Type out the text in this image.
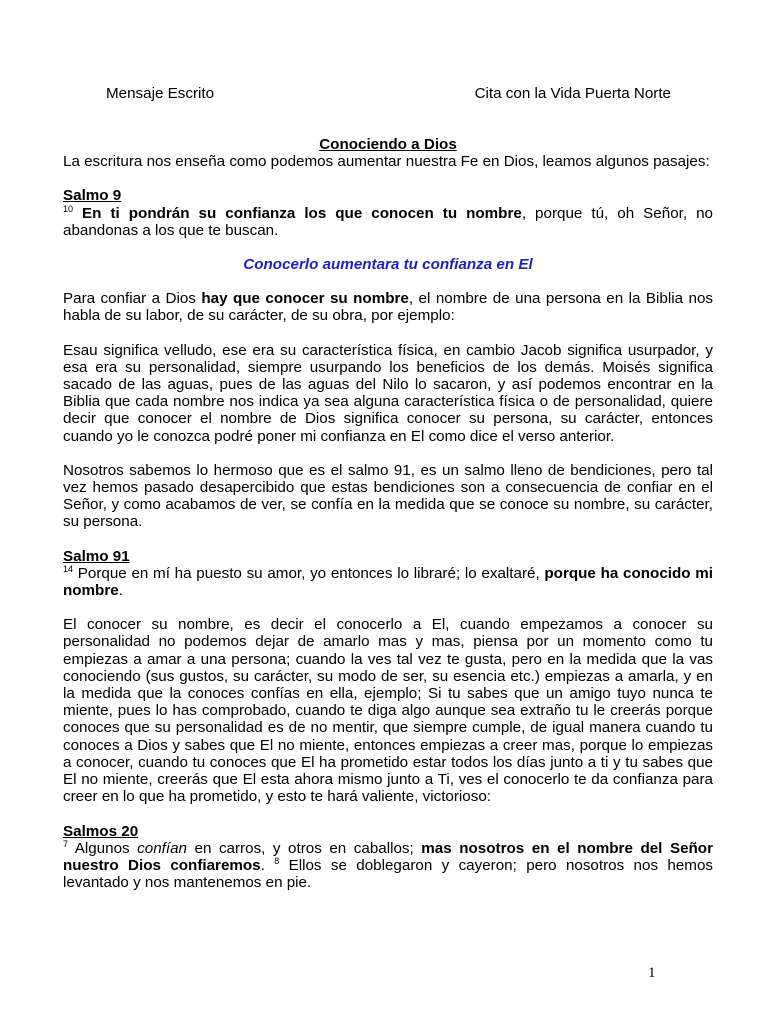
Mensaje Escrito	Cita con la Vida Puerta Norte

Conociendo a Dios

La escritura nos enseña como podemos aumentar nuestra Fe en Dios, leamos algunos pasajes:

Salmo 9

$^{10}$ En ti pondrán su confianza los que conocen tu nombre, porque tú, oh Señor, no abandonas a los que te buscan.

Conocerlo aumentara tu confianza en El

Para confiar a Dios hay que conocer su nombre, el nombre de una persona en la Biblia nos habla de su labor, de su carácter, de su obra, por ejemplo:

Esau significa velludo, ese era su característica física, en cambio Jacob significa usurpador, y esa era su personalidad, siempre usurpando los beneficios de los demás. Moisés significa sacado de las aguas, pues de las aguas del Nilo lo sacaron, y así podemos encontrar en la Biblia que cada nombre nos indica ya sea alguna característica física o de personalidad, quiere decir que conocer el nombre de Dios significa conocer su persona, su carácter, entonces cuando yo le conozca podré poner mi confianza en El como dice el verso anterior.

Nosotros sabemos lo hermoso que es el salmo 91, es un salmo lleno de bendiciones, pero tal vez hemos pasado desapercibido que estas bendiciones son a consecuencia de confiar en el Señor, y como acabamos de ver, se confía en la medida que se conoce su nombre, su carácter, su persona.

Salmo 91

$^{14}$ Porque en mí ha puesto su amor, yo entonces lo libraré; lo exaltaré, porque ha conocido mi nombre.

El conocer su nombre, es decir el conocerlo a El, cuando empezamos a conocer su personalidad no podemos dejar de amarlo mas y mas, piensa por un momento como tu empiezas a amar a una persona; cuando la ves tal vez te gusta, pero en la medida que la vas conociendo (sus gustos, su carácter, su modo de ser, su esencia etc.) empiezas a amarla, y en la medida que la conoces confías en ella, ejemplo; Si tu sabes que un amigo tuyo nunca te miente, pues lo has comprobado, cuando te diga algo aunque sea extraño tu le creerás porque conoces que su personalidad es de no mentir, que siempre cumple, de igual manera cuando tu conoces a Dios y sabes que El no miente, entonces empiezas a creer mas, porque lo empiezas a conocer, cuando tu conoces que El ha prometido estar todos los días junto a ti y tu sabes que El no miente, creerás que El esta ahora mismo junto a Ti, ves el conocerlo te da confianza para creer en lo que ha prometido, y esto te hará valiente, victorioso:

Salmos 20

$^7$ Algunos confían en carros, y otros en caballos; mas nosotros en el nombre del Señor nuestro Dios confiaremos. $^8$ Ellos se doblegaron y cayeron; pero nosotros nos hemos levantado y nos mantenemos en pie.

1
